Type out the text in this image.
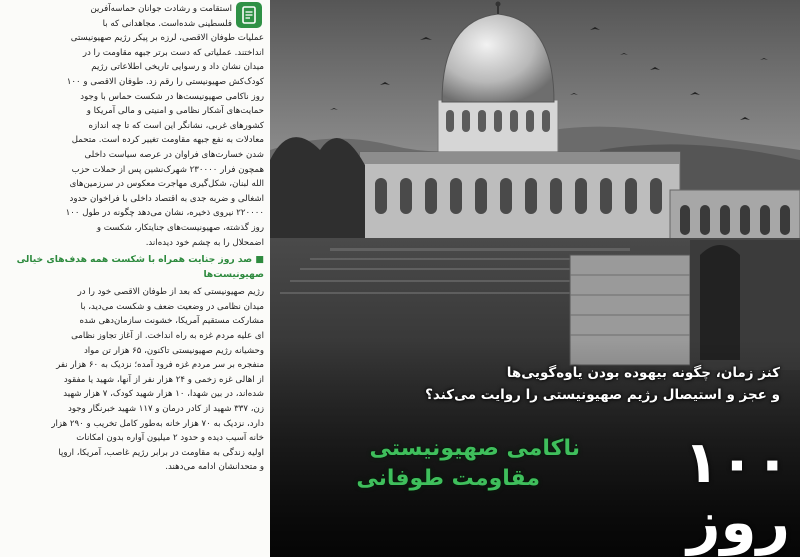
استقامت و رشادت جوانان حماسه‌آفرین
فلسطینی شده‌است. مجاهدانی که با
عملیات طوفان الاقصی، لرزه بر پیکر رژیم صهیونیستی
انداختند. عملیاتی که دست برتر جبهه مقاومت را در
میدان نشان داد و رسوایی تاریخی اطلاعاتی رژیم
کودک‌کش صهیونیستی را رقم زد. طوفان الاقصی و ۱۰۰
روز ناکامی صهیونیست‌ها در شکست حماس با وجود
حمایت‌های آشکار نظامی و امنیتی و مالی آمریکا و
کشورهای غربی، نشانگر این است که تا چه اندازه
معادلات به نفع جبهه مقاومت تغییر کرده است. متحمل
شدن خسارت‌های فراوان در عرصه سیاست داخلی
همچون فرار ۲۳۰۰۰۰ شهرک‌نشین پس از حملات حزب
الله لبنان، شکل‌گیری مهاجرت معکوس در سرزمین‌های
اشغالی و ضربه جدی به اقتصاد داخلی با فراخوان حدود
۲۲۰۰۰۰ نیروی ذخیره، نشان می‌دهد چگونه در طول ۱۰۰
روز گذشته، صهیونیست‌های جنایتکار، شکست و
اضمحلال را به چشم خود دیده‌اند.
■ صد روز جنایت همراه با شکست همه هدف‌های خیالی صهیونیست‌ها
رژیم صهیونیستی که بعد از طوفان الاقصی خود را در
میدان نظامی در وضعیت ضعف و شکست می‌دید، با
مشارکت مستقیم آمریکا، خشونت سازمان‌دهی شده
ای علیه مردم غزه به راه انداخت. از آغاز تجاوز نظامی
وحشیانه رژیم صهیونیستی تاکنون، ۶۵ هزار تن مواد
منفجره بر سر مردم غزه فرود آمده؛ نزدیک به ۶۰ هزار نفر
از اهالی غزه زخمی و ۲۴ هزار نفر از آنها، شهید یا مفقود
شده‌اند، در بین شهدا، ۱۰ هزار شهید کودک، ۷ هزار شهید
زن، ۳۳۷ شهید از کادر درمان و ۱۱۷ شهید خبرنگار وجود
دارد، نزدیک به ۷۰ هزار خانه به‌طور کامل تخریب و ۲۹۰ هزار
خانه آسیب دیده و حدود ۲ میلیون آواره بدون امکانات
اولیه زندگی به مقاومت در برابر رژیم غاصب، آمریکا، اروپا
و متحدانشان ادامه می‌دهند.
کنز زمان، چگونه بیهوده بودن یاوه‌گویی‌ها
و عجز و استیصال رژیم صهیونیستی را روایت می‌کند؟
۱۰۰ روز
ناکامی صهیونیستی
مقاومت طوفانی
